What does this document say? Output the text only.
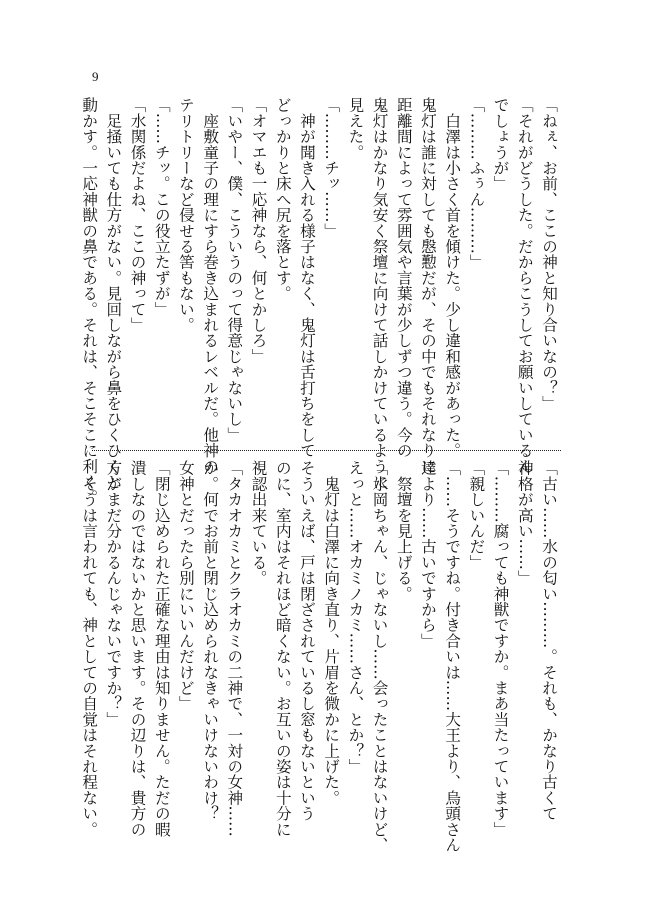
9

「ねぇ、お前、ここの神と知り合いなの？」

「それがどうした。だからこうしてお願いしているん

でしょうが」

「………ふぅん………」

　白澤は小さく首を傾けた。少し違和感があった。

鬼灯は誰に対しても慇懃だが、その中でもそれなりに

距離間によって雰囲気や言葉が少しずつ違う。今の

鬼灯はかなり気安く祭壇に向けて話しかけているように

見えた。

「………チッ……」

　神が聞き入れる様子はなく、鬼灯は舌打ちをして

どっかりと床へ尻を落とす。

「オマエも一応神なら、何とかしろ」

「いやー、僕、こういうのって得意じゃないし」

　座敷童子の理にすら巻き込まれるレベルだ。他神の

テリトリーなど侵せる筈もない。

「……チッ。この役立たずが」

「水関係だよね、ここの神って」

　足掻いても仕方がない。見回しながら鼻をひくひくと

動かす。一応神獣の鼻である。それは、そこそこに利く。

「古い……水の匂い………。それも、かなり古くて

神格が高い……」

「………腐っても神獣ですか。まあ当たっています」

「親しいんだ」

「……そうですね。付き合いは……大王より、烏頭さん

達より……古いですから」

　祭壇を見上げる。

「水岡ちゃん、じゃないし……会ったことはないけど、

えっと……オカミノカミ……さん、とか？」

　鬼灯は白澤に向き直り、片眉を微かに上げた。

そういえば、戸は閉ざされているし窓もないという

のに、室内はそれほど暗くない。お互いの姿は十分に

視認出来ている。

「タカオカミとクラオカミの二神で、一対の女神……

か。何でお前と閉じ込められなきゃいけないわけ？

女神とだったら別にいいんだけど」

「閉じ込められた正確な理由は知りません。ただの暇

潰しなのではないかと思います。その辺りは、貴方の

方がまだ分かるんじゃないですか？」

　そうは言われても、神としての自覚はそれ程ない。
